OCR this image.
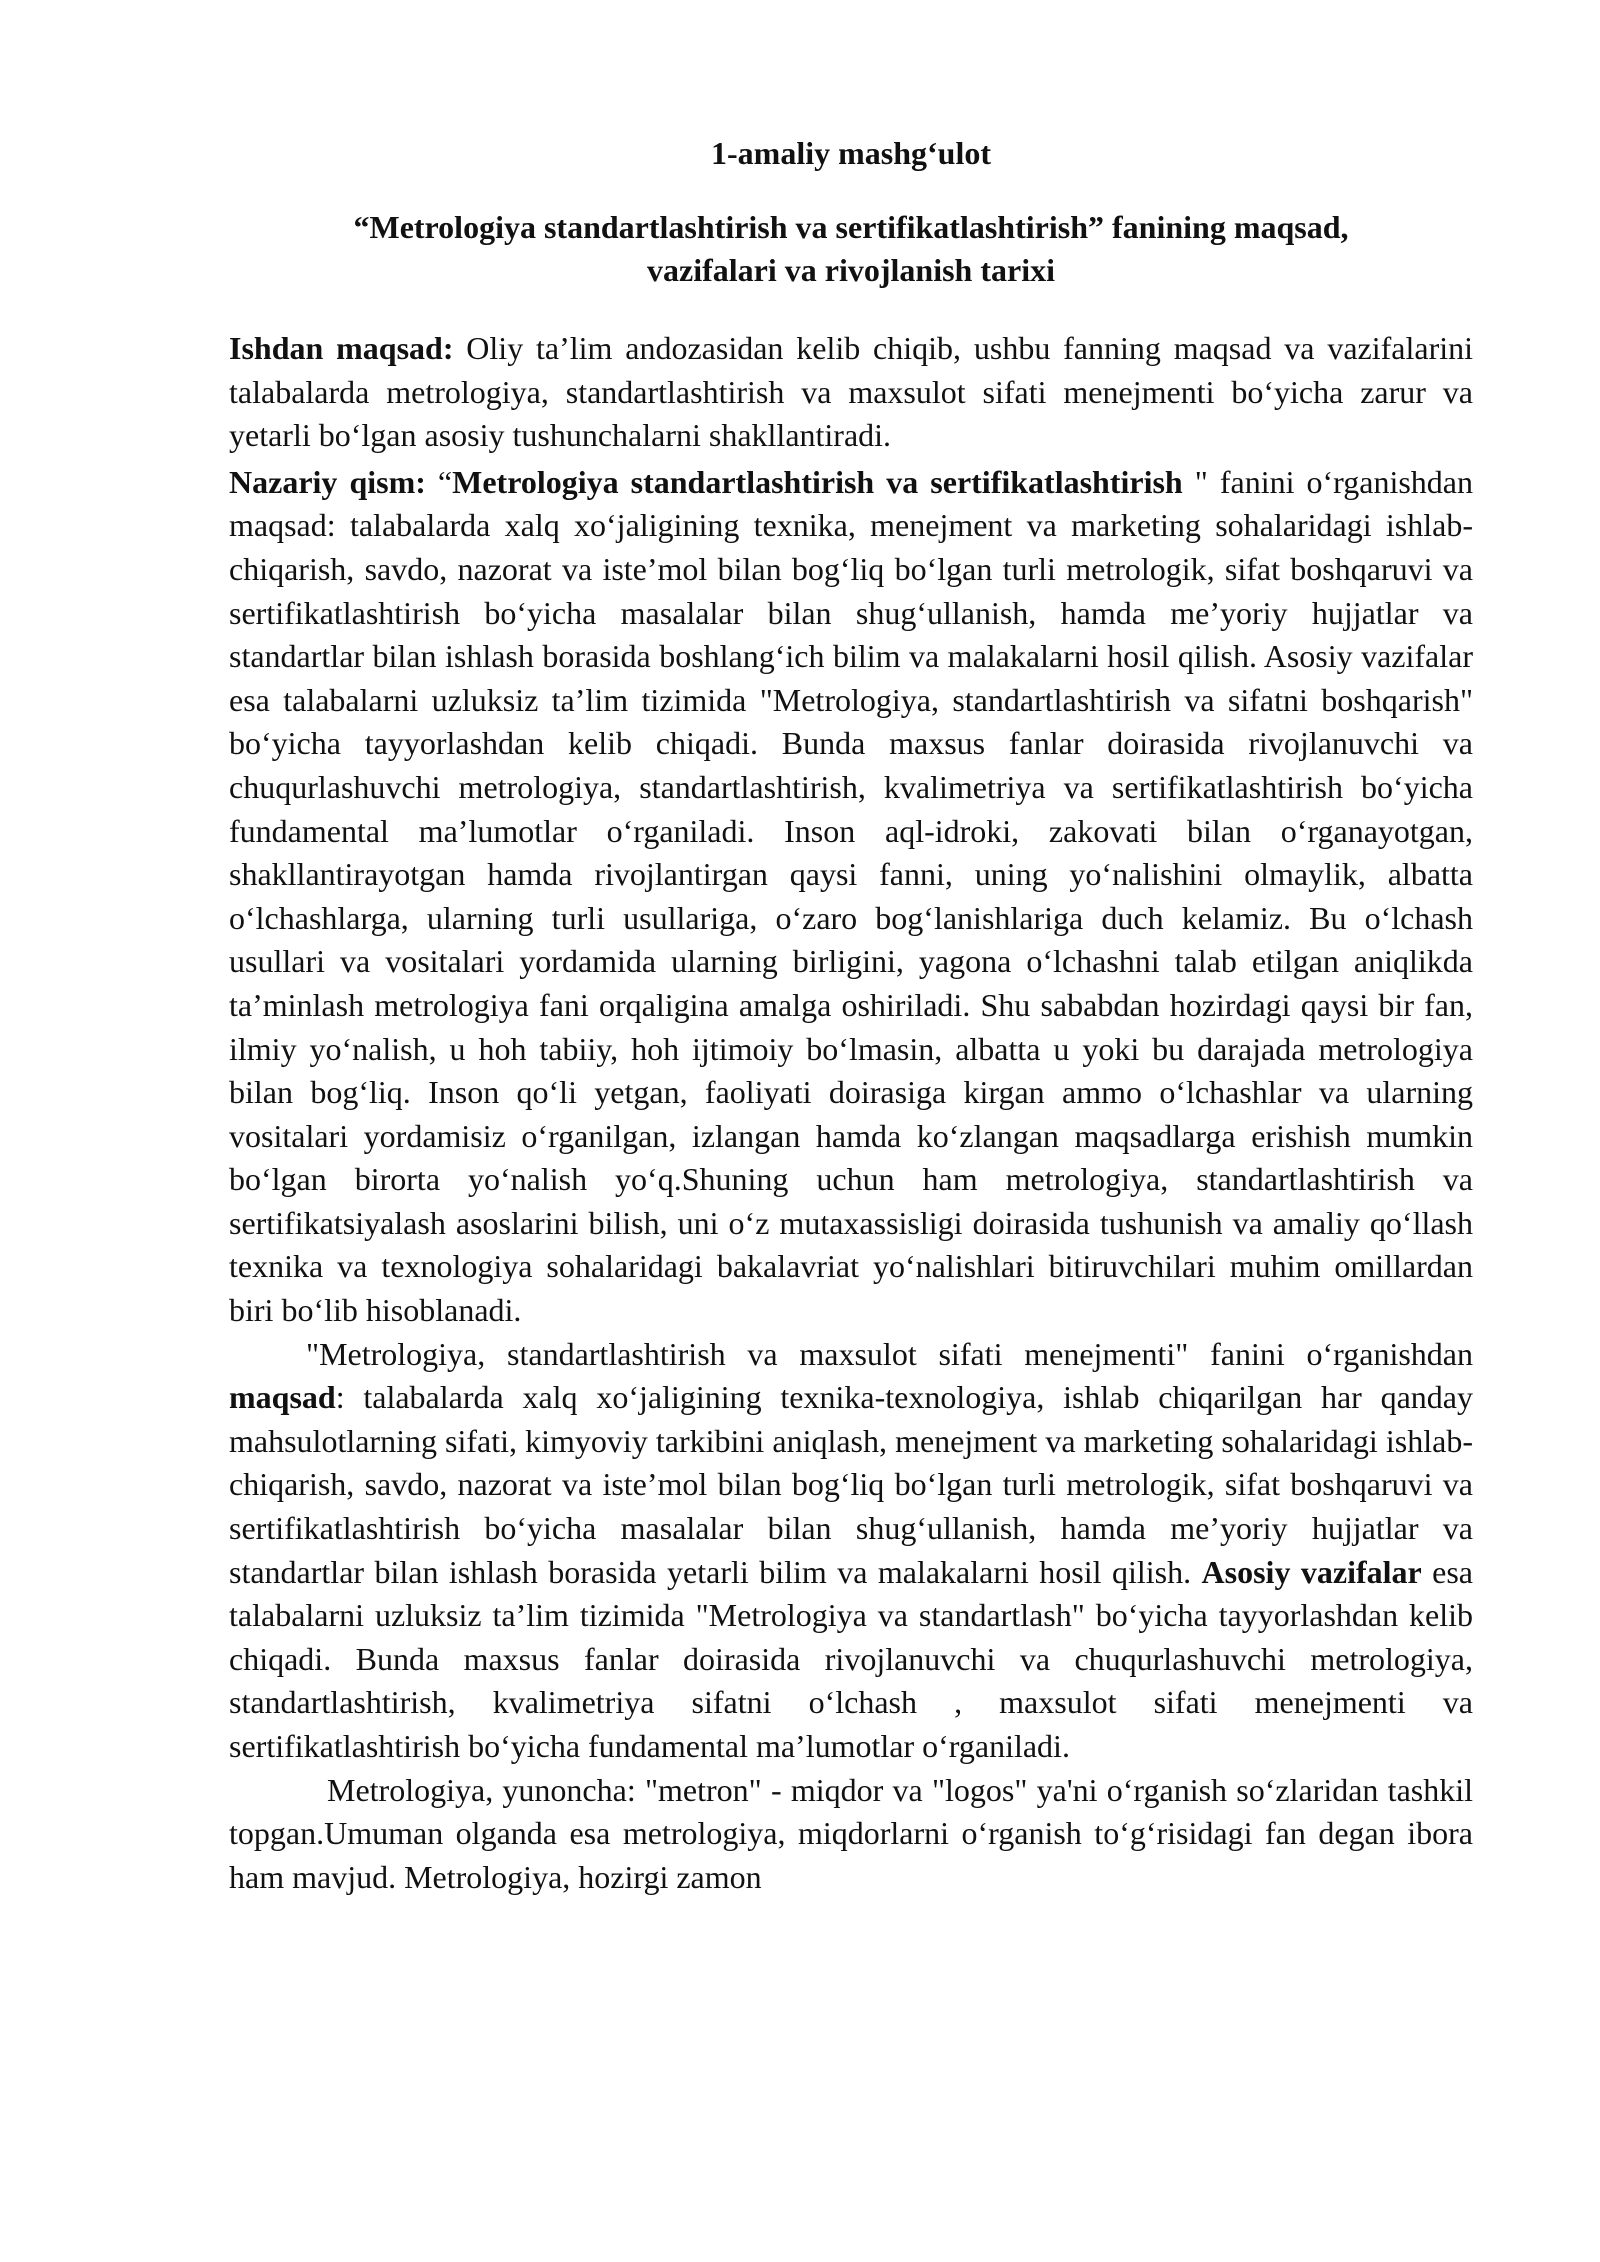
1-amaliy mashg‘ulot

“Metrologiya standartlashtirish va sertifikatlashtirish” fanining maqsad,
vazifalari va rivojlanish tarixi

Ishdan maqsad: Oliy ta’lim andozasidan kelib chiqib, ushbu fanning maqsad va vazifalarini talabalarda metrologiya, standartlashtirish va maxsulot sifati menejmenti bo‘yicha zarur va yetarli bo‘lgan asosiy tushunchalarni shakllantiradi.

Nazariy qism: “Metrologiya standartlashtirish va sertifikatlashtirish " fanini o‘rganishdan maqsad: talabalarda xalq xo‘jaligining texnika, menejment va marketing sohalaridagi ishlab-chiqarish, savdo, nazorat va iste’mol bilan bog‘liq bo‘lgan turli metrologik, sifat boshqaruvi va sertifikatlashtirish bo‘yicha masalalar bilan shug‘ullanish, hamda me’yoriy hujjatlar va standartlar bilan ishlash borasida boshlang‘ich bilim va malakalarni hosil qilish. Asosiy vazifalar esa talabalarni uzluksiz ta’lim tizimida "Metrologiya, standartlashtirish va sifatni boshqarish" bo‘yicha tayyorlashdan kelib chiqadi. Bunda maxsus fanlar doirasida rivojlanuvchi va chuqurlashuvchi metrologiya, standartlashtirish, kvalimetriya va sertifikatlashtirish bo‘yicha fundamental ma’lumotlar o‘rganiladi. Inson aql-idroki, zakovati bilan o‘rganayotgan, shakllantirayotgan hamda rivojlantirgan qaysi fanni, uning yo‘nalishini olmaylik, albatta o‘lchashlarga, ularning turli usullariga, o‘zaro bog‘lanishlariga duch kelamiz. Bu o‘lchash usullari va vositalari yordamida ularning birligini, yagona o‘lchashni talab etilgan aniqlikda ta’minlash metrologiya fani orqaligina amalga oshiriladi. Shu sababdan hozirdagi qaysi bir fan, ilmiy yo‘nalish, u hoh tabiiy, hoh ijtimoiy bo‘lmasin, albatta u yoki bu darajada metrologiya bilan bog‘liq. Inson qo‘li yetgan, faoliyati doirasiga kirgan ammo o‘lchashlar va ularning vositalari yordamisiz o‘rganilgan, izlangan hamda ko‘zlangan maqsadlarga erishish mumkin bo‘lgan birorta yo‘nalish yo‘q.Shuning uchun ham metrologiya, standartlashtirish va sertifikatsiyalash asoslarini bilish, uni o‘z mutaxassisligi doirasida tushunish va amaliy qo‘llash texnika va texnologiya sohalaridagi bakalavriat yo‘nalishlari bitiruvchilari muhim omillardan biri bo‘lib hisoblanadi.

"Metrologiya, standartlashtirish va maxsulot sifati menejmenti" fanini o‘rganishdan maqsad: talabalarda xalq xo‘jaligining texnika-texnologiya, ishlab chiqarilgan har qanday mahsulotlarning sifati, kimyoviy tarkibini aniqlash, menejment va marketing sohalaridagi ishlab-chiqarish, savdo, nazorat va iste’mol bilan bog‘liq bo‘lgan turli metrologik, sifat boshqaruvi va sertifikatlashtirish bo‘yicha masalalar bilan shug‘ullanish, hamda me’yoriy hujjatlar va standartlar bilan ishlash borasida yetarli bilim va malakalarni hosil qilish. Asosiy vazifalar esa talabalarni uzluksiz ta’lim tizimida "Metrologiya va standartlash" bo‘yicha tayyorlashdan kelib chiqadi. Bunda maxsus fanlar doirasida rivojlanuvchi va chuqurlashuvchi metrologiya, standartlashtirish, kvalimetriya sifatni o‘lchash , maxsulot sifati menejmenti va sertifikatlashtirish bo‘yicha fundamental ma’lumotlar o‘rganiladi.

Metrologiya, yunoncha: "metron" - miqdor va "logos" ya'ni o‘rganish so‘zlaridan tashkil topgan.Umuman olganda esa metrologiya, miqdorlarni o‘rganish to‘g‘risidagi fan degan ibora ham mavjud. Metrologiya, hozirgi zamon
